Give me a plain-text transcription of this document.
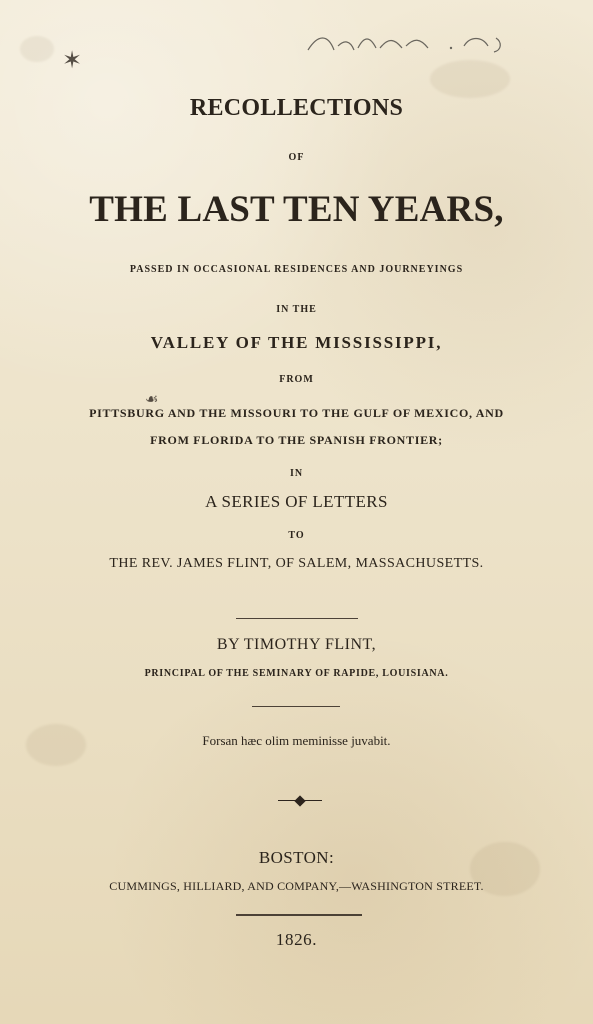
✶
☙
RECOLLECTIONS
OF
THE LAST TEN YEARS,
PASSED IN OCCASIONAL RESIDENCES AND JOURNEYINGS
IN THE
VALLEY OF THE MISSISSIPPI,
FROM
PITTSBURG AND THE MISSOURI TO THE GULF OF MEXICO, AND
FROM FLORIDA TO THE SPANISH FRONTIER;
IN
A SERIES OF LETTERS
TO
THE REV. JAMES FLINT, OF SALEM, MASSACHUSETTS.
BY TIMOTHY FLINT,
PRINCIPAL OF THE SEMINARY OF RAPIDE, LOUISIANA.
Forsan hæc olim meminisse juvabit.
BOSTON:
CUMMINGS, HILLIARD, AND COMPANY,—WASHINGTON STREET.
1826.
